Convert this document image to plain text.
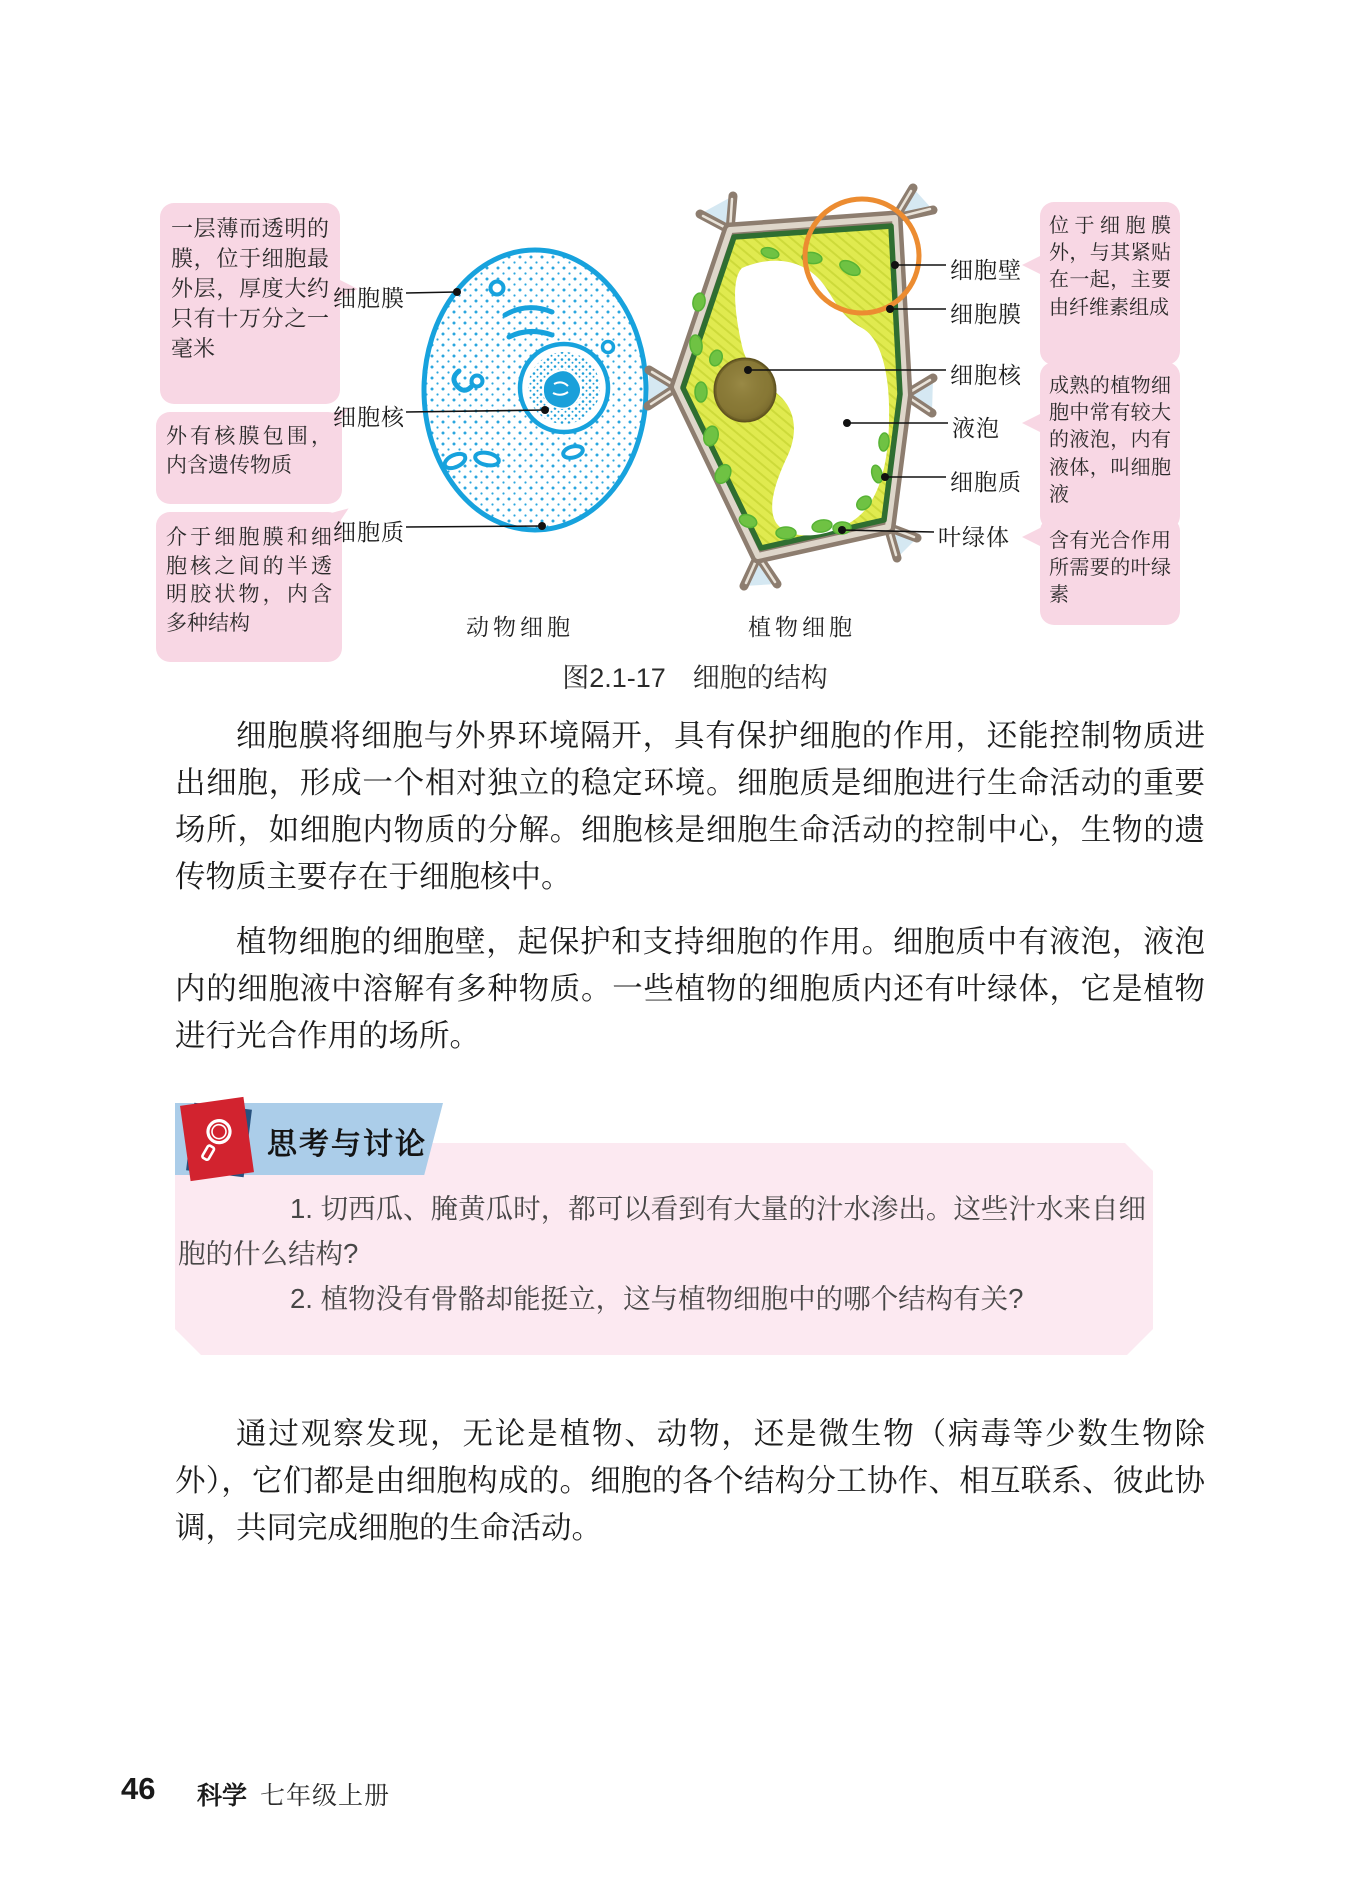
一层薄而透明的膜，位于细胞最外层，厚度大约只有十万分之一毫米
外有核膜包围，内含遗传物质
介于细胞膜和细胞核之间的半透明胶状物，内含多种结构
位于细胞膜外，与其紧贴在一起，主要由纤维素组成
成熟的植物细胞中常有较大的液泡，内有液体，叫细胞液
含有光合作用所需要的叶绿素
细胞膜
细胞核
细胞质
细胞壁
细胞膜
细胞核
液泡
细胞质
叶绿体
动物细胞	植物细胞
图2.1-17　细胞的结构

细胞膜将细胞与外界环境隔开，具有保护细胞的作用，还能控制物质进出细胞，形成一个相对独立的稳定环境。细胞质是细胞进行生命活动的重要场所，如细胞内物质的分解。细胞核是细胞生命活动的控制中心，生物的遗传物质主要存在于细胞核中。

植物细胞的细胞壁，起保护和支持细胞的作用。细胞质中有液泡，液泡内的细胞液中溶解有多种物质。一些植物的细胞质内还有叶绿体，它是植物进行光合作用的场所。

思考与讨论

1. 切西瓜、腌黄瓜时，都可以看到有大量的汁水渗出。这些汁水来自细胞的什么结构?

2. 植物没有骨骼却能挺立，这与植物细胞中的哪个结构有关?

通过观察发现，无论是植物、动物，还是微生物（病毒等少数生物除外），它们都是由细胞构成的。细胞的各个结构分工协作、相互联系、彼此协调，共同完成细胞的生命活动。

46 科学 七年级上册
